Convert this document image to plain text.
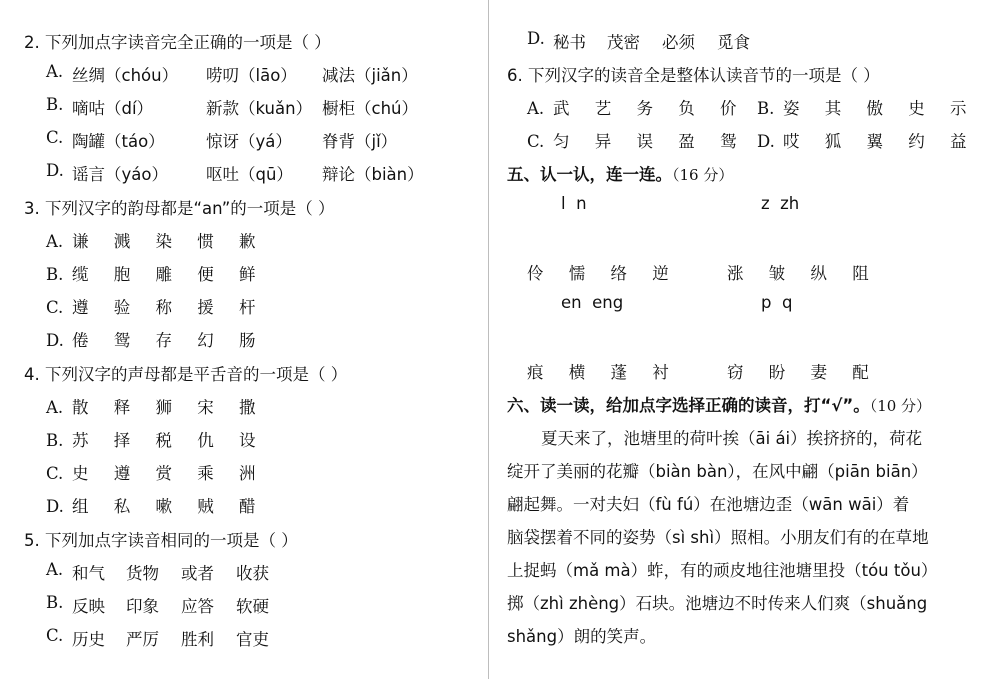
2. 下列加点字读音完全正确的一项是（ ）
A. 丝绸（chóu） 唠叨（lāo） 减法（jiǎn）
B. 嘀咕（dí）	新款（kuǎn） 橱柜（chú）
C. 陶罐（táo）	惊讶（yá） 脊背（jǐ）
D. 谣言（yáo） 呕吐（qū） 辩论（biàn）
3. 下列汉字的韵母都是“an”的一项是（ ）
A. 谦 溅 染 惯 歉
B. 缆 胞 雕 便 鲜
C. 遵 验 称 援 杆
D. 倦 鸳 存 幻 肠
4. 下列汉字的声母都是平舌音的一项是（ ）
A. 散 释 狮 宋 撒
B. 苏 择 税 仇 设
C. 史 遵 赏 乘 洲
D. 组 私 嗽 贼 醋
5. 下列加点字读音相同的一项是（ ）
A. 和气 货物 或者 收获
B. 反映 印象 应答 软硬
C. 历史 严厉 胜利 官吏
D. 秘书 茂密 必须 觅食
6. 下列汉字的读音全是整体认读音节的一项是（ ）
A. 武 艺 务 负 价 B. 姿 其 傲 史 示
C. 匀 异 误 盈 鸳 D. 哎 狐 翼 约 益
五、认一认，连一连。（16 分）
l  n	z  zh
伶 懦 络 逆	涨 皱 纵 阻
en  eng	p  q
痕 横 蓬 衬	窃 盼 妻 配
六、读一读，给加点字选择正确的读音，打“√”。（10 分）
夏天来了，池塘里的荷叶挨（āi ái）挨挤挤的，荷花
绽开了美丽的花瓣（biàn bàn），在风中翩（piān biān）
翩起舞。一对夫妇（fù fú）在池塘边歪（wān wāi）着
脑袋摆着不同的姿势（sì shì）照相。小朋友们有的在草地
上捉蚂（mǎ mà）蚱，有的顽皮地往池塘里投（tóu tǒu）
掷（zhì zhèng）石块。池塘边不时传来人们爽（shuǎng
shǎng）朗的笑声。
